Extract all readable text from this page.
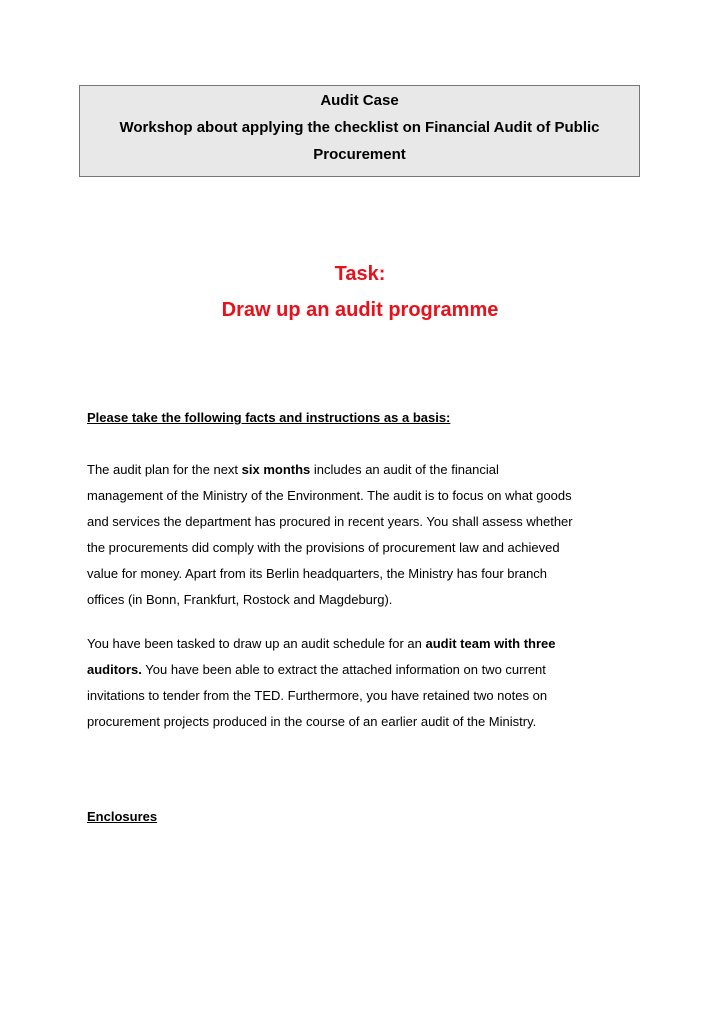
Audit Case
Workshop about applying the checklist on Financial Audit of Public
Procurement
Task:
Draw up an audit programme
Please take the following facts and instructions as a basis:
The audit plan for the next six months includes an audit of the financial
management of the Ministry of the Environment. The audit is to focus on what goods
and services the department has procured in recent years. You shall assess whether
the procurements did comply with the provisions of procurement law and achieved
value for money. Apart from its Berlin headquarters, the Ministry has four branch
offices (in Bonn, Frankfurt, Rostock and Magdeburg).
You have been tasked to draw up an audit schedule for an audit team with three
auditors. You have been able to extract the attached information on two current
invitations to tender from the TED. Furthermore, you have retained two notes on
procurement projects produced in the course of an earlier audit of the Ministry.
Enclosures
